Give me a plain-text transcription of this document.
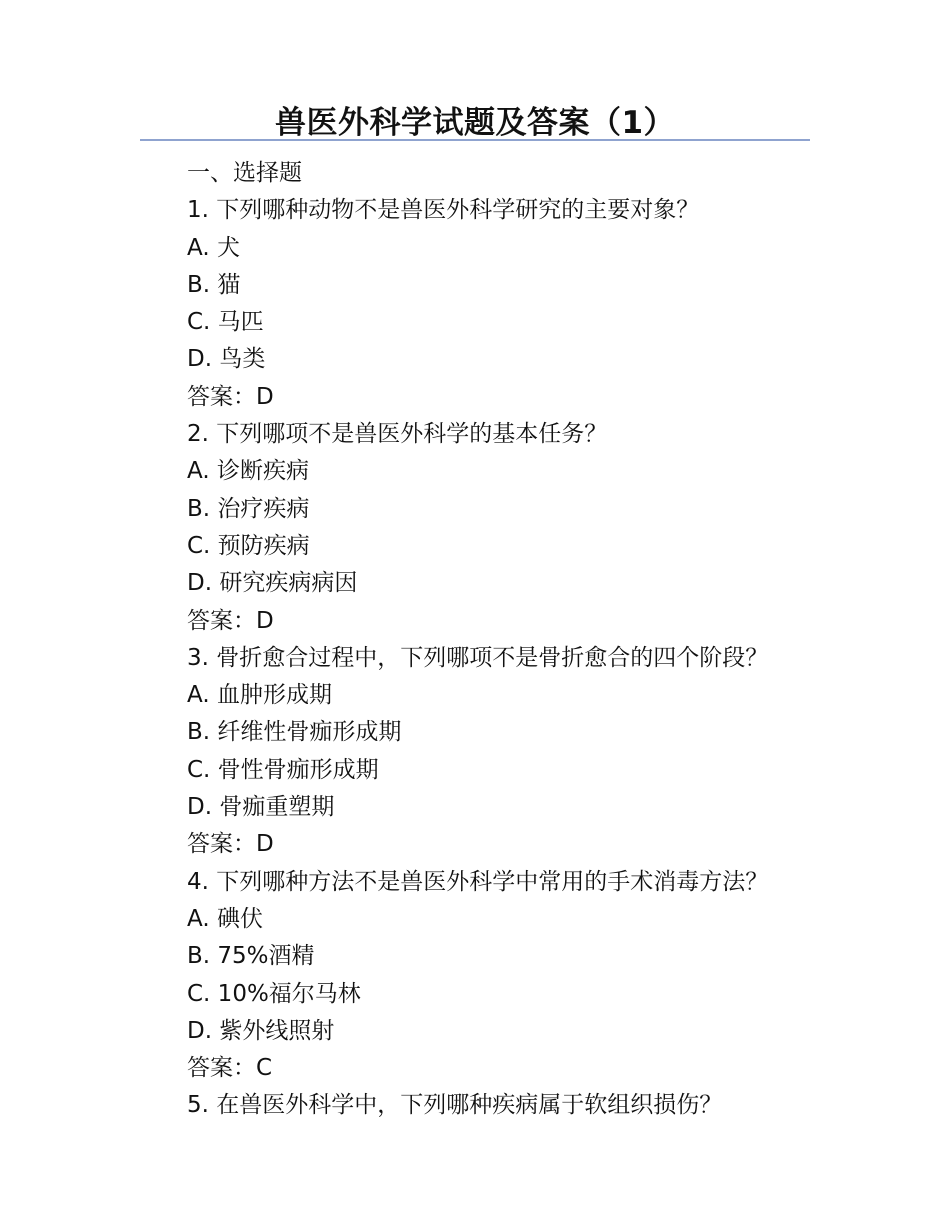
兽医外科学试题及答案（1）
一、选择题
1. 下列哪种动物不是兽医外科学研究的主要对象？
A. 犬
B. 猫
C. 马匹
D. 鸟类
答案：D
2. 下列哪项不是兽医外科学的基本任务？
A. 诊断疾病
B. 治疗疾病
C. 预防疾病
D. 研究疾病病因
答案：D
3. 骨折愈合过程中，下列哪项不是骨折愈合的四个阶段？
A. 血肿形成期
B. 纤维性骨痂形成期
C. 骨性骨痂形成期
D. 骨痂重塑期
答案：D
4. 下列哪种方法不是兽医外科学中常用的手术消毒方法？
A. 碘伏
B. 75%酒精
C. 10%福尔马林
D. 紫外线照射
答案：C
5. 在兽医外科学中，下列哪种疾病属于软组织损伤？
